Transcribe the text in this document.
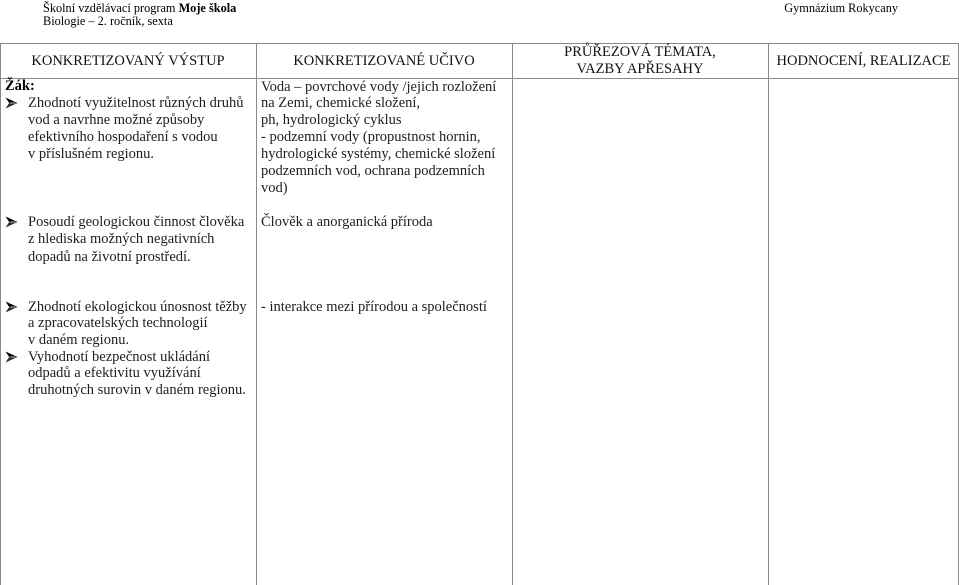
Školní vzdělávací program Moje škola
Biologie – 2. ročník, sexta
Gymnázium Rokycany
KONKRETIZOVANÝ VÝSTUP	KONKRETIZOVANÉ UČIVO
PRŮŘEZOVÁ TÉMATA,
VAZBY APŘESAHY
HODNOCENÍ, REALIZACE
Žák:
Zhodnotí využitelnost různých druhů
vod a navrhne možné způsoby
efektivního hospodaření s vodou
v příslušném regionu.
Posoudí geologickou činnost člověka
z hlediska možných negativních
dopadů na životní prostředí.
Zhodnotí ekologickou únosnost těžby
a zpracovatelských technologií
v daném regionu.
Vyhodnotí bezpečnost ukládání
odpadů a efektivitu využívání
druhotných surovin v daném regionu.
Voda – povrchové vody /jejich rozložení
na Zemi, chemické složení,
ph, hydrologický cyklus
- podzemní vody (propustnost hornin,
hydrologické systémy, chemické složení
podzemních vod, ochrana podzemních
vod)
Člověk a anorganická příroda
- interakce mezi přírodou a společností
